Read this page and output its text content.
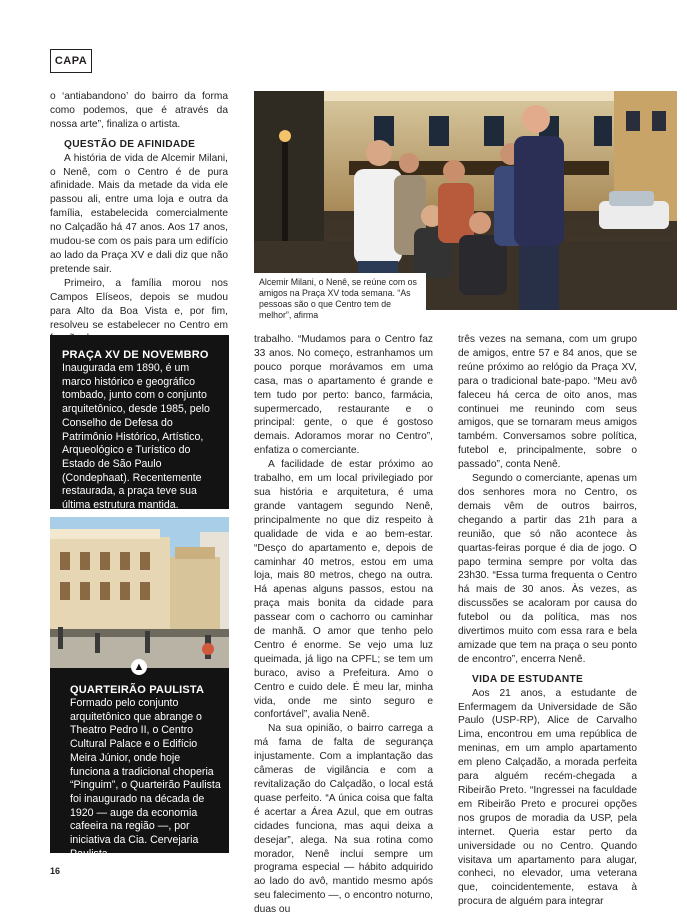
CAPA

o ‘antiabandono’ do bairro da forma como podemos, que é através da nossa arte”, finaliza o artista.

QUESTÃO DE AFINIDADE

A história de vida de Alcemir Milani, o Nenê, com o Centro é de pura afinidade. Mais da metade da vida ele passou ali, entre uma loja e outra da família, estabelecida comercialmente no Calçadão há 47 anos. Aos 17 anos, mudou-se com os pais para um edifício ao lado da Praça XV e dali diz que não pretende sair.

Primeiro, a família morou nos Campos Elíseos, depois se mudou para Alto da Boa Vista e, por fim, resolveu se estabelecer no Centro em

Alcemir Milani, o Nenê, se reúne com os amigos na Praça XV toda semana. “As pessoas são o que Centro tem de melhor”, afirma
PRAÇA XV DE NOVEMBRO
Inaugurada em 1890, é um marco histórico e geográfico tombado, junto com o conjunto arquitetônico, desde 1985, pelo Conselho de Defesa do Patrimônio Histórico, Artístico, Arqueológico e Turístico do Estado de São Paulo (Condephaat). Recentemente restaurada, a praça teve sua última estrutura mantida.
QUARTEIRÃO PAULISTA
Formado pelo conjunto arquitetônico que abrange o Theatro Pedro II, o Centro Cultural Palace e o Edifício Meira Júnior, onde hoje funciona a tradicional choperia “Pinguim”, o Quarteirão Paulista foi inaugurado na década de 1920 — auge da economia cafeeira na região —, por iniciativa da Cia. Cervejaria Paulista.
▲

trabalho. “Mudamos para o Centro faz 33 anos. No começo, estranhamos um pouco porque morávamos em uma casa, mas o apartamento é grande e tem tudo por perto: banco, farmácia, supermercado, restaurante e o principal: gente, o que é gostoso demais. Adoramos morar no Centro”, enfatiza o comerciante.

A facilidade de estar próximo ao trabalho, em um local privilegiado por sua história e arquitetura, é uma grande vantagem segundo Nenê, principalmente no que diz respeito à qualidade de vida e ao bem-estar. “Desço do apartamento e, depois de caminhar 40 metros, estou em uma loja, mais 80 metros, chego na outra. Há apenas alguns passos, estou na praça mais bonita da cidade para passear com o cachorro ou caminhar de manhã. O amor que tenho pelo Centro é enorme. Se vejo uma luz queimada, já ligo na CPFL; se tem um buraco, aviso a Prefeitura. Amo o Centro e cuido dele. É meu lar, minha vida, onde me sinto seguro e confortável”, avalia Nenê.

Na sua opinião, o bairro carrega a má fama de falta de segurança injustamente. Com a implantação das câmeras de vigilância e com a revitalização do Calçadão, o local está quase perfeito. “A única coisa que falta é acertar a Área Azul, que em outras cidades funciona, mas aqui deixa a desejar”, alega. Na sua rotina como morador, Nenê inclui sempre um programa especial — hábito adquirido ao lado do avô, mantido mesmo após seu falecimento —, o encontro noturno, duas ou

três vezes na semana, com um grupo de amigos, entre 57 e 84 anos, que se reúne próximo ao relógio da Praça XV, para o tradicional bate-papo. “Meu avô faleceu há cerca de oito anos, mas continuei me reunindo com seus amigos, que se tornaram meus amigos também. Conversamos sobre política, futebol e, principalmente, sobre o passado”, conta Nenê.

Segundo o comerciante, apenas um dos senhores mora no Centro, os demais vêm de outros bairros, chegando a partir das 21h para a reunião, que só não acontece às quartas-feiras porque é dia de jogo. O papo termina sempre por volta das 23h30. “Essa turma frequenta o Centro há mais de 30 anos. Às vezes, as discussões se acaloram por causa do futebol ou da política, mas nos divertimos muito com essa rara e bela amizade que tem na praça o seu ponto de encontro”, encerra Nenê.

VIDA DE ESTUDANTE

Aos 21 anos, a estudante de Enfermagem da Universidade de São Paulo (USP-RP), Alice de Carvalho Lima, encontrou em uma república de meninas, em um amplo apartamento em pleno Calçadão, a morada perfeita para alguém recém-chegada a Ribeirão Preto. “Ingressei na faculdade em Ribeirão Preto e procurei opções nos grupos de moradia da USP, pela internet. Queria estar perto da universidade ou no Centro. Quando visitava um apartamento para alugar, conheci, no elevador, uma veterana que, coincidentemente, estava à procura de alguém para integrar

16
